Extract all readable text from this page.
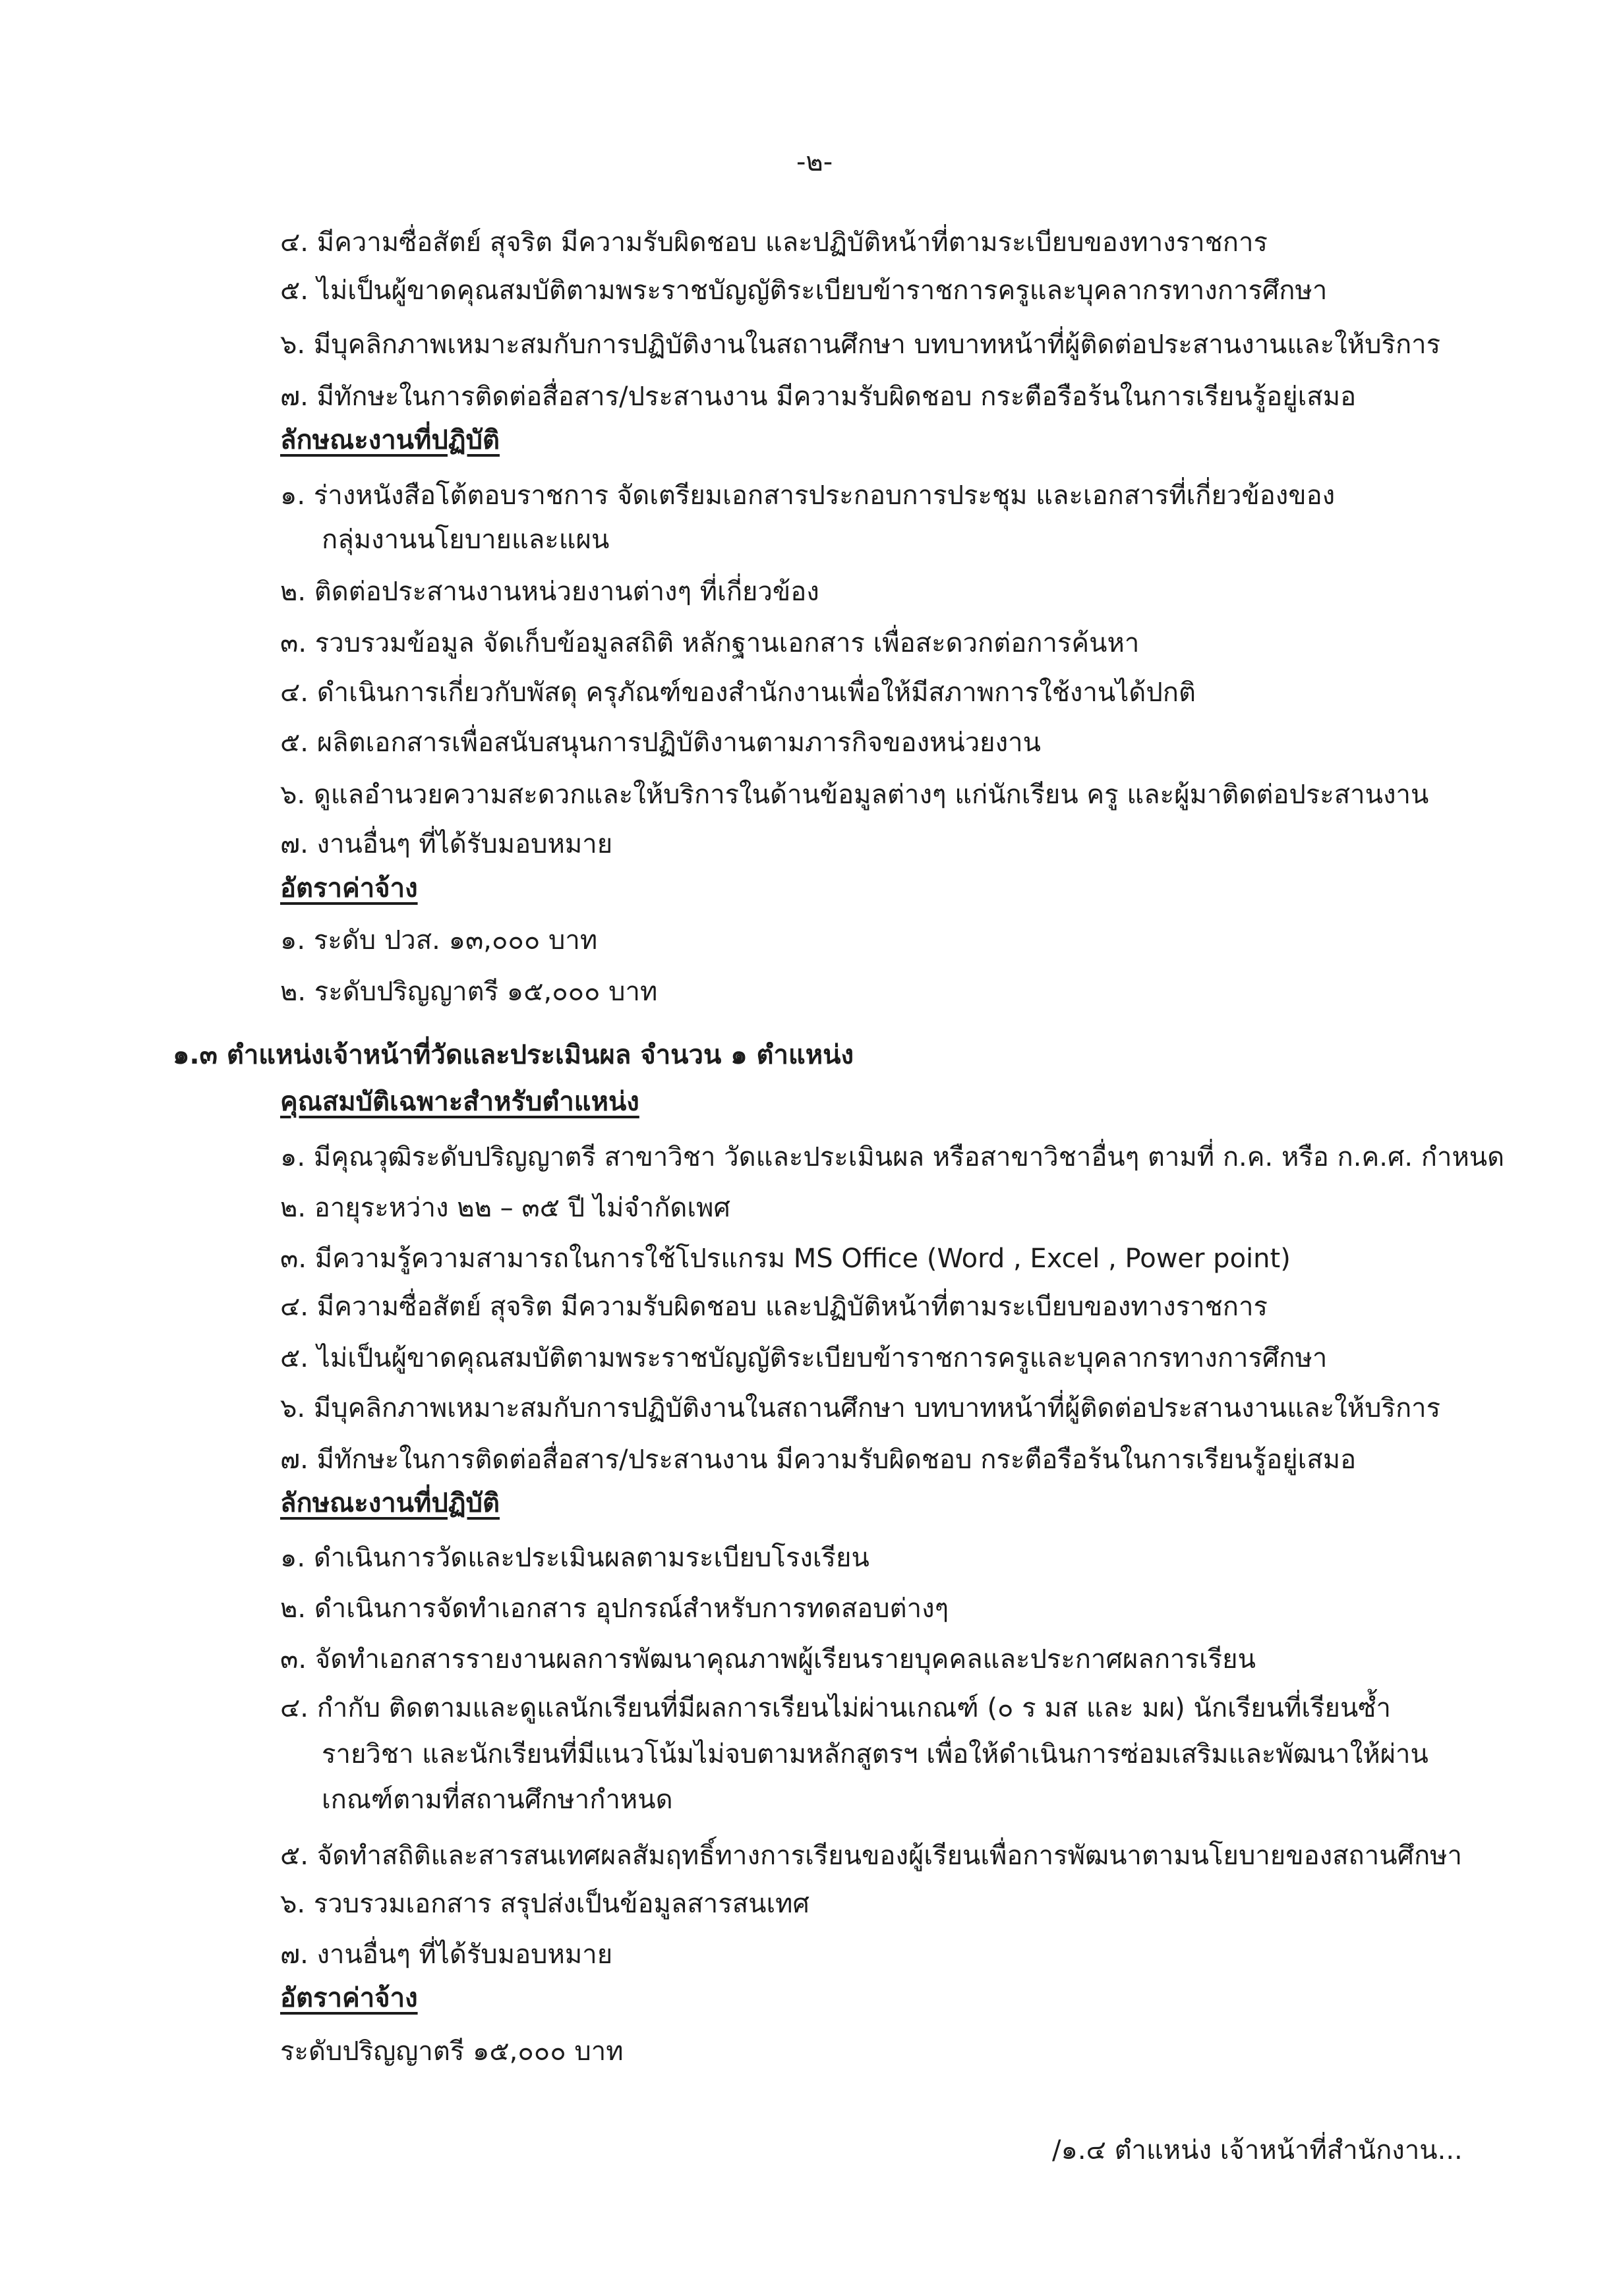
-๒-

๔. มีความซื่อสัตย์ สุจริต มีความรับผิดชอบ และปฏิบัติหน้าที่ตามระเบียบของทางราชการ

๕. ไม่เป็นผู้ขาดคุณสมบัติตามพระราชบัญญัติระเบียบข้าราชการครูและบุคลากรทางการศึกษา

๖. มีบุคลิกภาพเหมาะสมกับการปฏิบัติงานในสถานศึกษา บทบาทหน้าที่ผู้ติดต่อประสานงานและให้บริการ

๗. มีทักษะในการติดต่อสื่อสาร/ประสานงาน มีความรับผิดชอบ กระตือรือร้นในการเรียนรู้อยู่เสมอ

ลักษณะงานที่ปฏิบัติ

๑. ร่างหนังสือโต้ตอบราชการ จัดเตรียมเอกสารประกอบการประชุม และเอกสารที่เกี่ยวข้องของ

กลุ่มงานนโยบายและแผน

๒. ติดต่อประสานงานหน่วยงานต่างๆ ที่เกี่ยวข้อง

๓. รวบรวมข้อมูล จัดเก็บข้อมูลสถิติ หลักฐานเอกสาร เพื่อสะดวกต่อการค้นหา

๔. ดำเนินการเกี่ยวกับพัสดุ ครุภัณฑ์ของสำนักงานเพื่อให้มีสภาพการใช้งานได้ปกติ

๕. ผลิตเอกสารเพื่อสนับสนุนการปฏิบัติงานตามภารกิจของหน่วยงาน

๖. ดูแลอำนวยความสะดวกและให้บริการในด้านข้อมูลต่างๆ แก่นักเรียน ครู และผู้มาติดต่อประสานงาน

๗. งานอื่นๆ ที่ได้รับมอบหมาย

อัตราค่าจ้าง

๑. ระดับ ปวส. ๑๓,๐๐๐ บาท

๒. ระดับปริญญาตรี ๑๕,๐๐๐ บาท

๑.๓ ตำแหน่งเจ้าหน้าที่วัดและประเมินผล จำนวน ๑ ตำแหน่ง

คุณสมบัติเฉพาะสำหรับตำแหน่ง

๑. มีคุณวุฒิระดับปริญญาตรี สาขาวิชา วัดและประเมินผล หรือสาขาวิชาอื่นๆ ตามที่ ก.ค. หรือ ก.ค.ศ. กำหนด

๒. อายุระหว่าง ๒๒ – ๓๕ ปี ไม่จำกัดเพศ

๓. มีความรู้ความสามารถในการใช้โปรแกรม MS Office (Word , Excel , Power point)

๔. มีความซื่อสัตย์ สุจริต มีความรับผิดชอบ และปฏิบัติหน้าที่ตามระเบียบของทางราชการ

๕. ไม่เป็นผู้ขาดคุณสมบัติตามพระราชบัญญัติระเบียบข้าราชการครูและบุคลากรทางการศึกษา

๖. มีบุคลิกภาพเหมาะสมกับการปฏิบัติงานในสถานศึกษา บทบาทหน้าที่ผู้ติดต่อประสานงานและให้บริการ

๗. มีทักษะในการติดต่อสื่อสาร/ประสานงาน มีความรับผิดชอบ กระตือรือร้นในการเรียนรู้อยู่เสมอ

ลักษณะงานที่ปฏิบัติ

๑. ดำเนินการวัดและประเมินผลตามระเบียบโรงเรียน

๒. ดำเนินการจัดทำเอกสาร อุปกรณ์สำหรับการทดสอบต่างๆ

๓. จัดทำเอกสารรายงานผลการพัฒนาคุณภาพผู้เรียนรายบุคคลและประกาศผลการเรียน

๔. กำกับ ติดตามและดูแลนักเรียนที่มีผลการเรียนไม่ผ่านเกณฑ์ (๐ ร มส และ มผ) นักเรียนที่เรียนซ้ำ

รายวิชา และนักเรียนที่มีแนวโน้มไม่จบตามหลักสูตรฯ เพื่อให้ดำเนินการซ่อมเสริมและพัฒนาให้ผ่าน

เกณฑ์ตามที่สถานศึกษากำหนด

๕. จัดทำสถิติและสารสนเทศผลสัมฤทธิ์ทางการเรียนของผู้เรียนเพื่อการพัฒนาตามนโยบายของสถานศึกษา

๖. รวบรวมเอกสาร สรุปส่งเป็นข้อมูลสารสนเทศ

๗. งานอื่นๆ ที่ได้รับมอบหมาย

อัตราค่าจ้าง

ระดับปริญญาตรี ๑๕,๐๐๐ บาท

/๑.๔ ตำแหน่ง เจ้าหน้าที่สำนักงาน...
